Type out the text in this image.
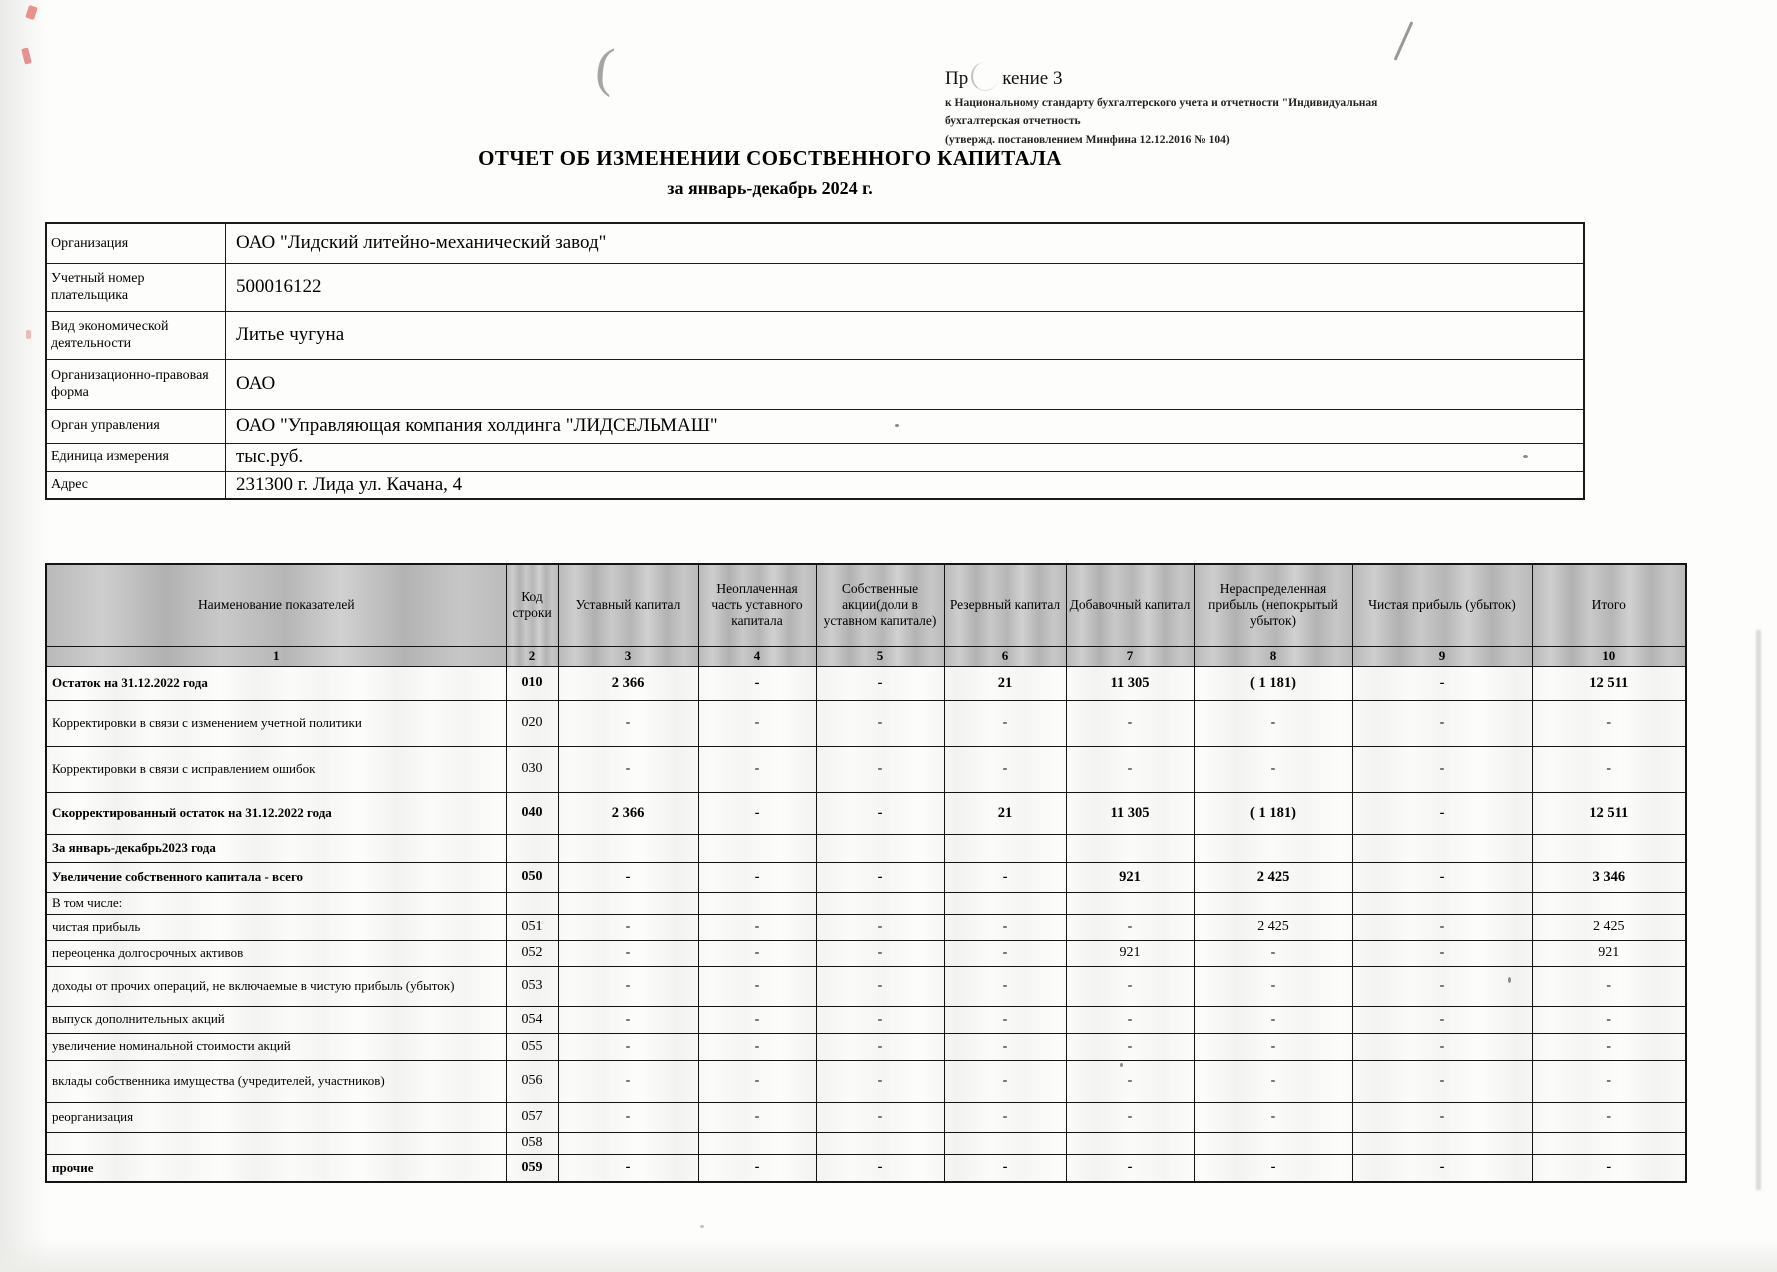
(	Пр кение 3
к Национальному стандарту бухгалтерского учета и отчетности "Индивидуальная
бухгалтерская отчетность
(утвержд. постановлением Минфина 12.12.2016 № 104)
ОТЧЕТ ОБ ИЗМЕНЕНИИ СОБСТВЕННОГО КАПИТАЛА
за январь-декабрь 2024 г.
Организация	ОАО "Лидский литейно-механический завод"
Учетный номер плательщика	500016122
Вид экономической деятельности	Литье чугуна
Организационно-правовая форма	ОАО
Орган управления	ОАО "Управляющая компания холдинга "ЛИДСЕЛЬМАШ"
Единица измерения	тыс.руб.
Адрес	231300 г. Лида ул. Качана, 4
Наименование показателей	Код строки	Уставный капитал	Неоплаченная часть уставного капитала	Собственные акции(доли в уставном капитале)	Резервный капитал	Добавочный капитал	Нераспределенная прибыль (непокрытый убыток)	Чистая прибыль (убыток)	Итого
1	2	3	4	5	6	7	8	9	10
Остаток на 31.12.2022 года	010	2 366	-	-	21	11 305	( 1 181)	-	12 511
Корректировки в связи с изменением учетной политики	020	-	-	-	-	-	-	-	-
Корректировки в связи с исправлением ошибок	030	-	-	-	-	-	-	-	-
Скорректированный остаток на 31.12.2022 года	040	2 366	-	-	21	11 305	( 1 181)	-	12 511
За январь-декабрь2023 года									
Увеличение собственного капитала - всего	050	-	-	-	-	921	2 425	-	3 346
В том числе:									
чистая прибыль	051	-	-	-	-	-	2 425	-	2 425
переоценка долгосрочных активов	052	-	-	-	-	921	-	-	921
доходы от прочих операций, не включаемые в чистую прибыль (убыток)	053	-	-	-	-	-	-	-	-
выпуск дополнительных акций	054	-	-	-	-	-	-	-	-
увеличение номинальной стоимости акций	055	-	-	-	-	-	-	-	-
вклады собственника имущества (учредителей, участников)	056	-	-	-	-	-	-	-	-
реорганизация	057	-	-	-	-	-	-	-	-
	058								
прочие	059	-	-	-	-	-	-	-	-
